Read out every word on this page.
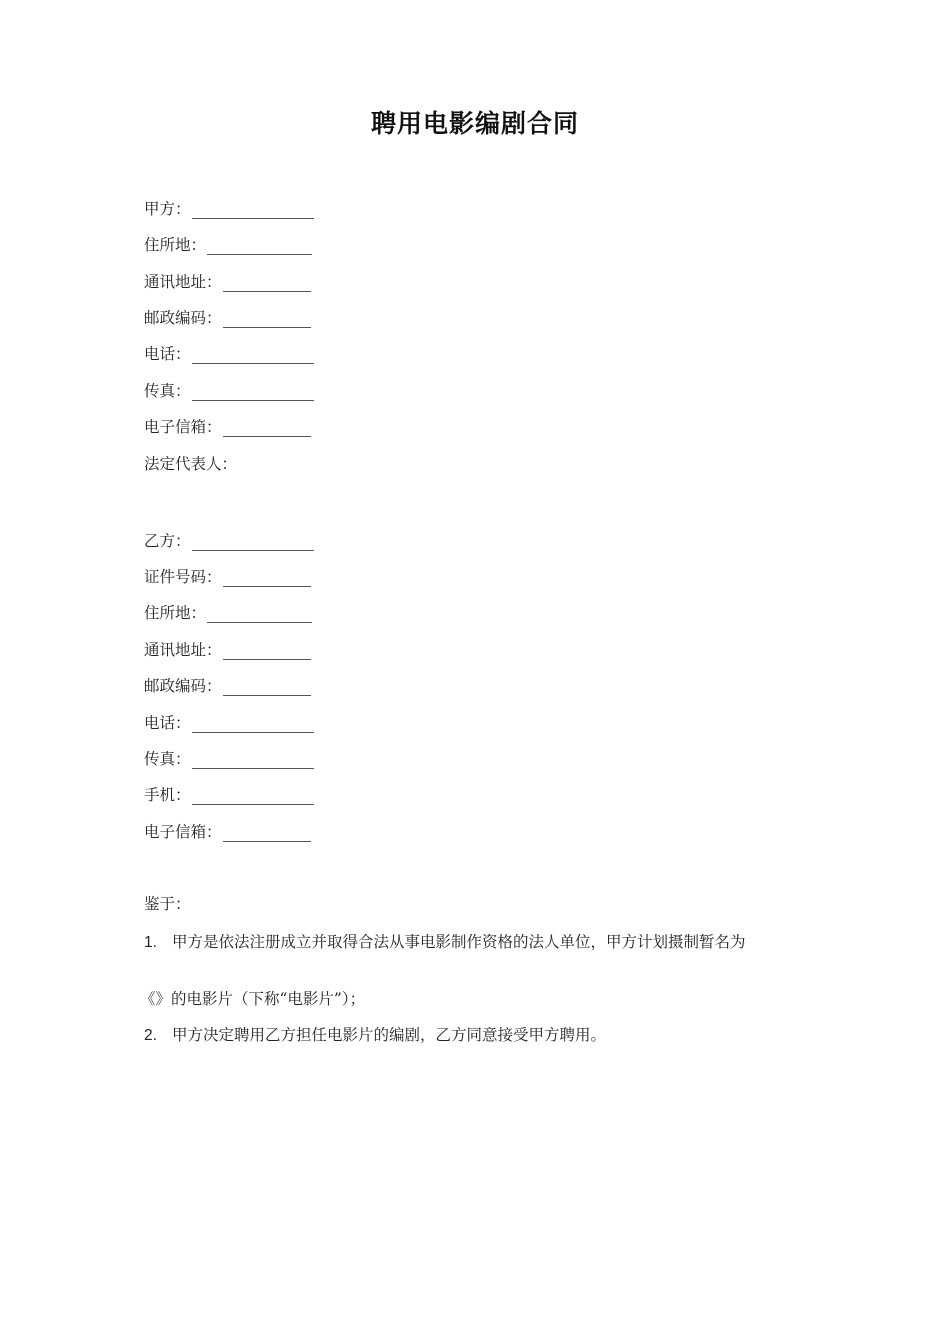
聘用电影编剧合同
甲方：
住所地：
通讯地址：
邮政编码：
电话：
传真：
电子信箱：
法定代表人：
乙方：
证件号码：
住所地：
通讯地址：
邮政编码：
电话：
传真：
手机：
电子信箱：
鉴于：
1. 甲方是依法注册成立并取得合法从事电影制作资格的法人单位，甲方计划摄制暂名为
《》的电影片（下称“电影片”）；
2. 甲方决定聘用乙方担任电影片的编剧，乙方同意接受甲方聘用。
